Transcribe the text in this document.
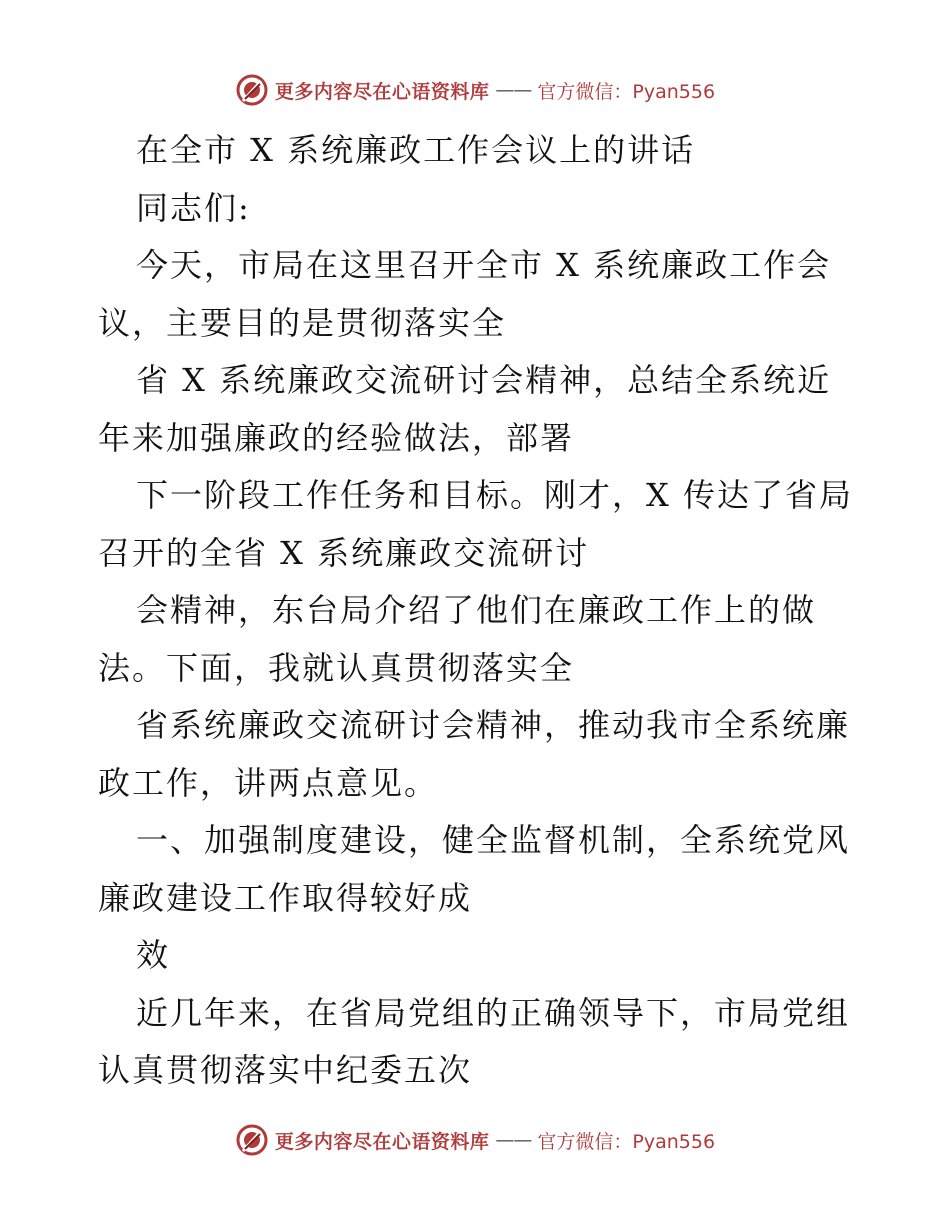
更多内容尽在心语资料库 —— 官方微信：Pyan556
在全市 X 系统廉政工作会议上的讲话
同志们:
今天，市局在这里召开全市 X 系统廉政工作会
议，主要目的是贯彻落实全
省 X 系统廉政交流研讨会精神，总结全系统近
年来加强廉政的经验做法，部署
下一阶段工作任务和目标。刚才，X 传达了省局
召开的全省 X 系统廉政交流研讨
会精神，东台局介绍了他们在廉政工作上的做
法。下面，我就认真贯彻落实全
省系统廉政交流研讨会精神，推动我市全系统廉
政工作，讲两点意见。
一、加强制度建设，健全监督机制，全系统党风
廉政建设工作取得较好成
效
近几年来，在省局党组的正确领导下，市局党组
认真贯彻落实中纪委五次
更多内容尽在心语资料库 —— 官方微信：Pyan556
